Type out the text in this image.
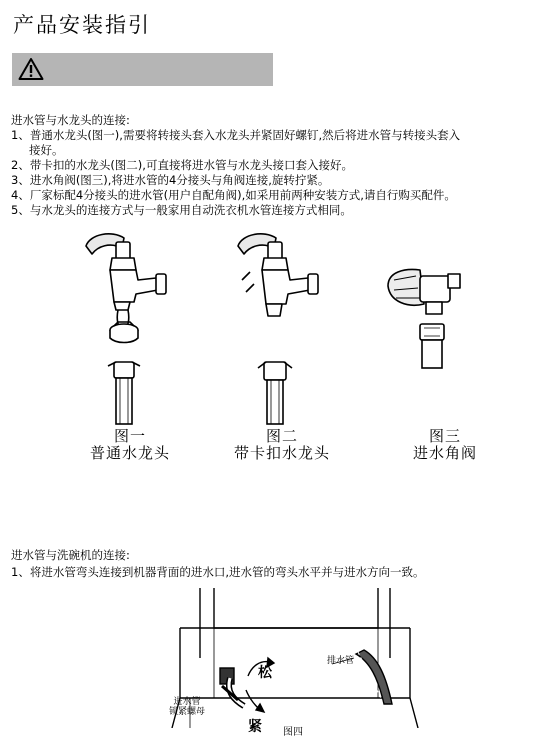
产品安装指引
进水管与水龙头的连接:

1、普通水龙头(图一),需要将转接头套入水龙头并紧固好螺钉,然后将进水管与转接头套入

接好。

2、带卡扣的水龙头(图二),可直接将进水管与水龙头接口套入接好。

3、进水角阀(图三),将进水管的4分接头与角阀连接,旋转拧紧。

4、厂家标配4分接头的进水管(用户自配角阀),如采用前两种安装方式,请自行购买配件。

5、与水龙头的连接方式与一般家用自动洗衣机水管连接方式相同。

图一
普通水龙头
图二
带卡扣水龙头
图三
进水角阀
进水管与洗碗机的连接:
1、将进水管弯头连接到机器背面的进水口,进水管的弯头水平并与进水方向一致。
松
紧
排水管
进水管
锁紧螺母
图四
